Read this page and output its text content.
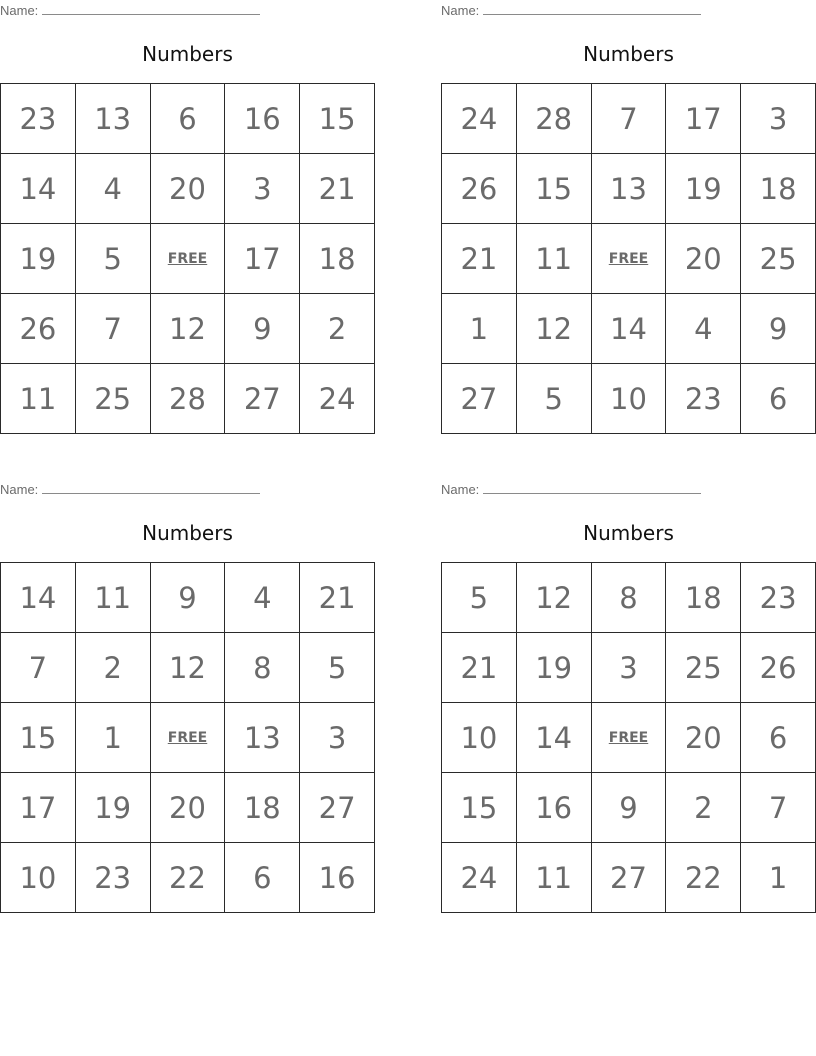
Name:
Numbers
23	13	6	16	15
14	4	20	3	21
19	5	FREE	17	18
26	7	12	9	2
11	25	28	27	24
Name:
Numbers
24	28	7	17	3
26	15	13	19	18
21	11	FREE	20	25
1	12	14	4	9
27	5	10	23	6
Name:
Numbers
14	11	9	4	21
7	2	12	8	5
15	1	FREE	13	3
17	19	20	18	27
10	23	22	6	16
Name:
Numbers
5	12	8	18	23
21	19	3	25	26
10	14	FREE	20	6
15	16	9	2	7
24	11	27	22	1
